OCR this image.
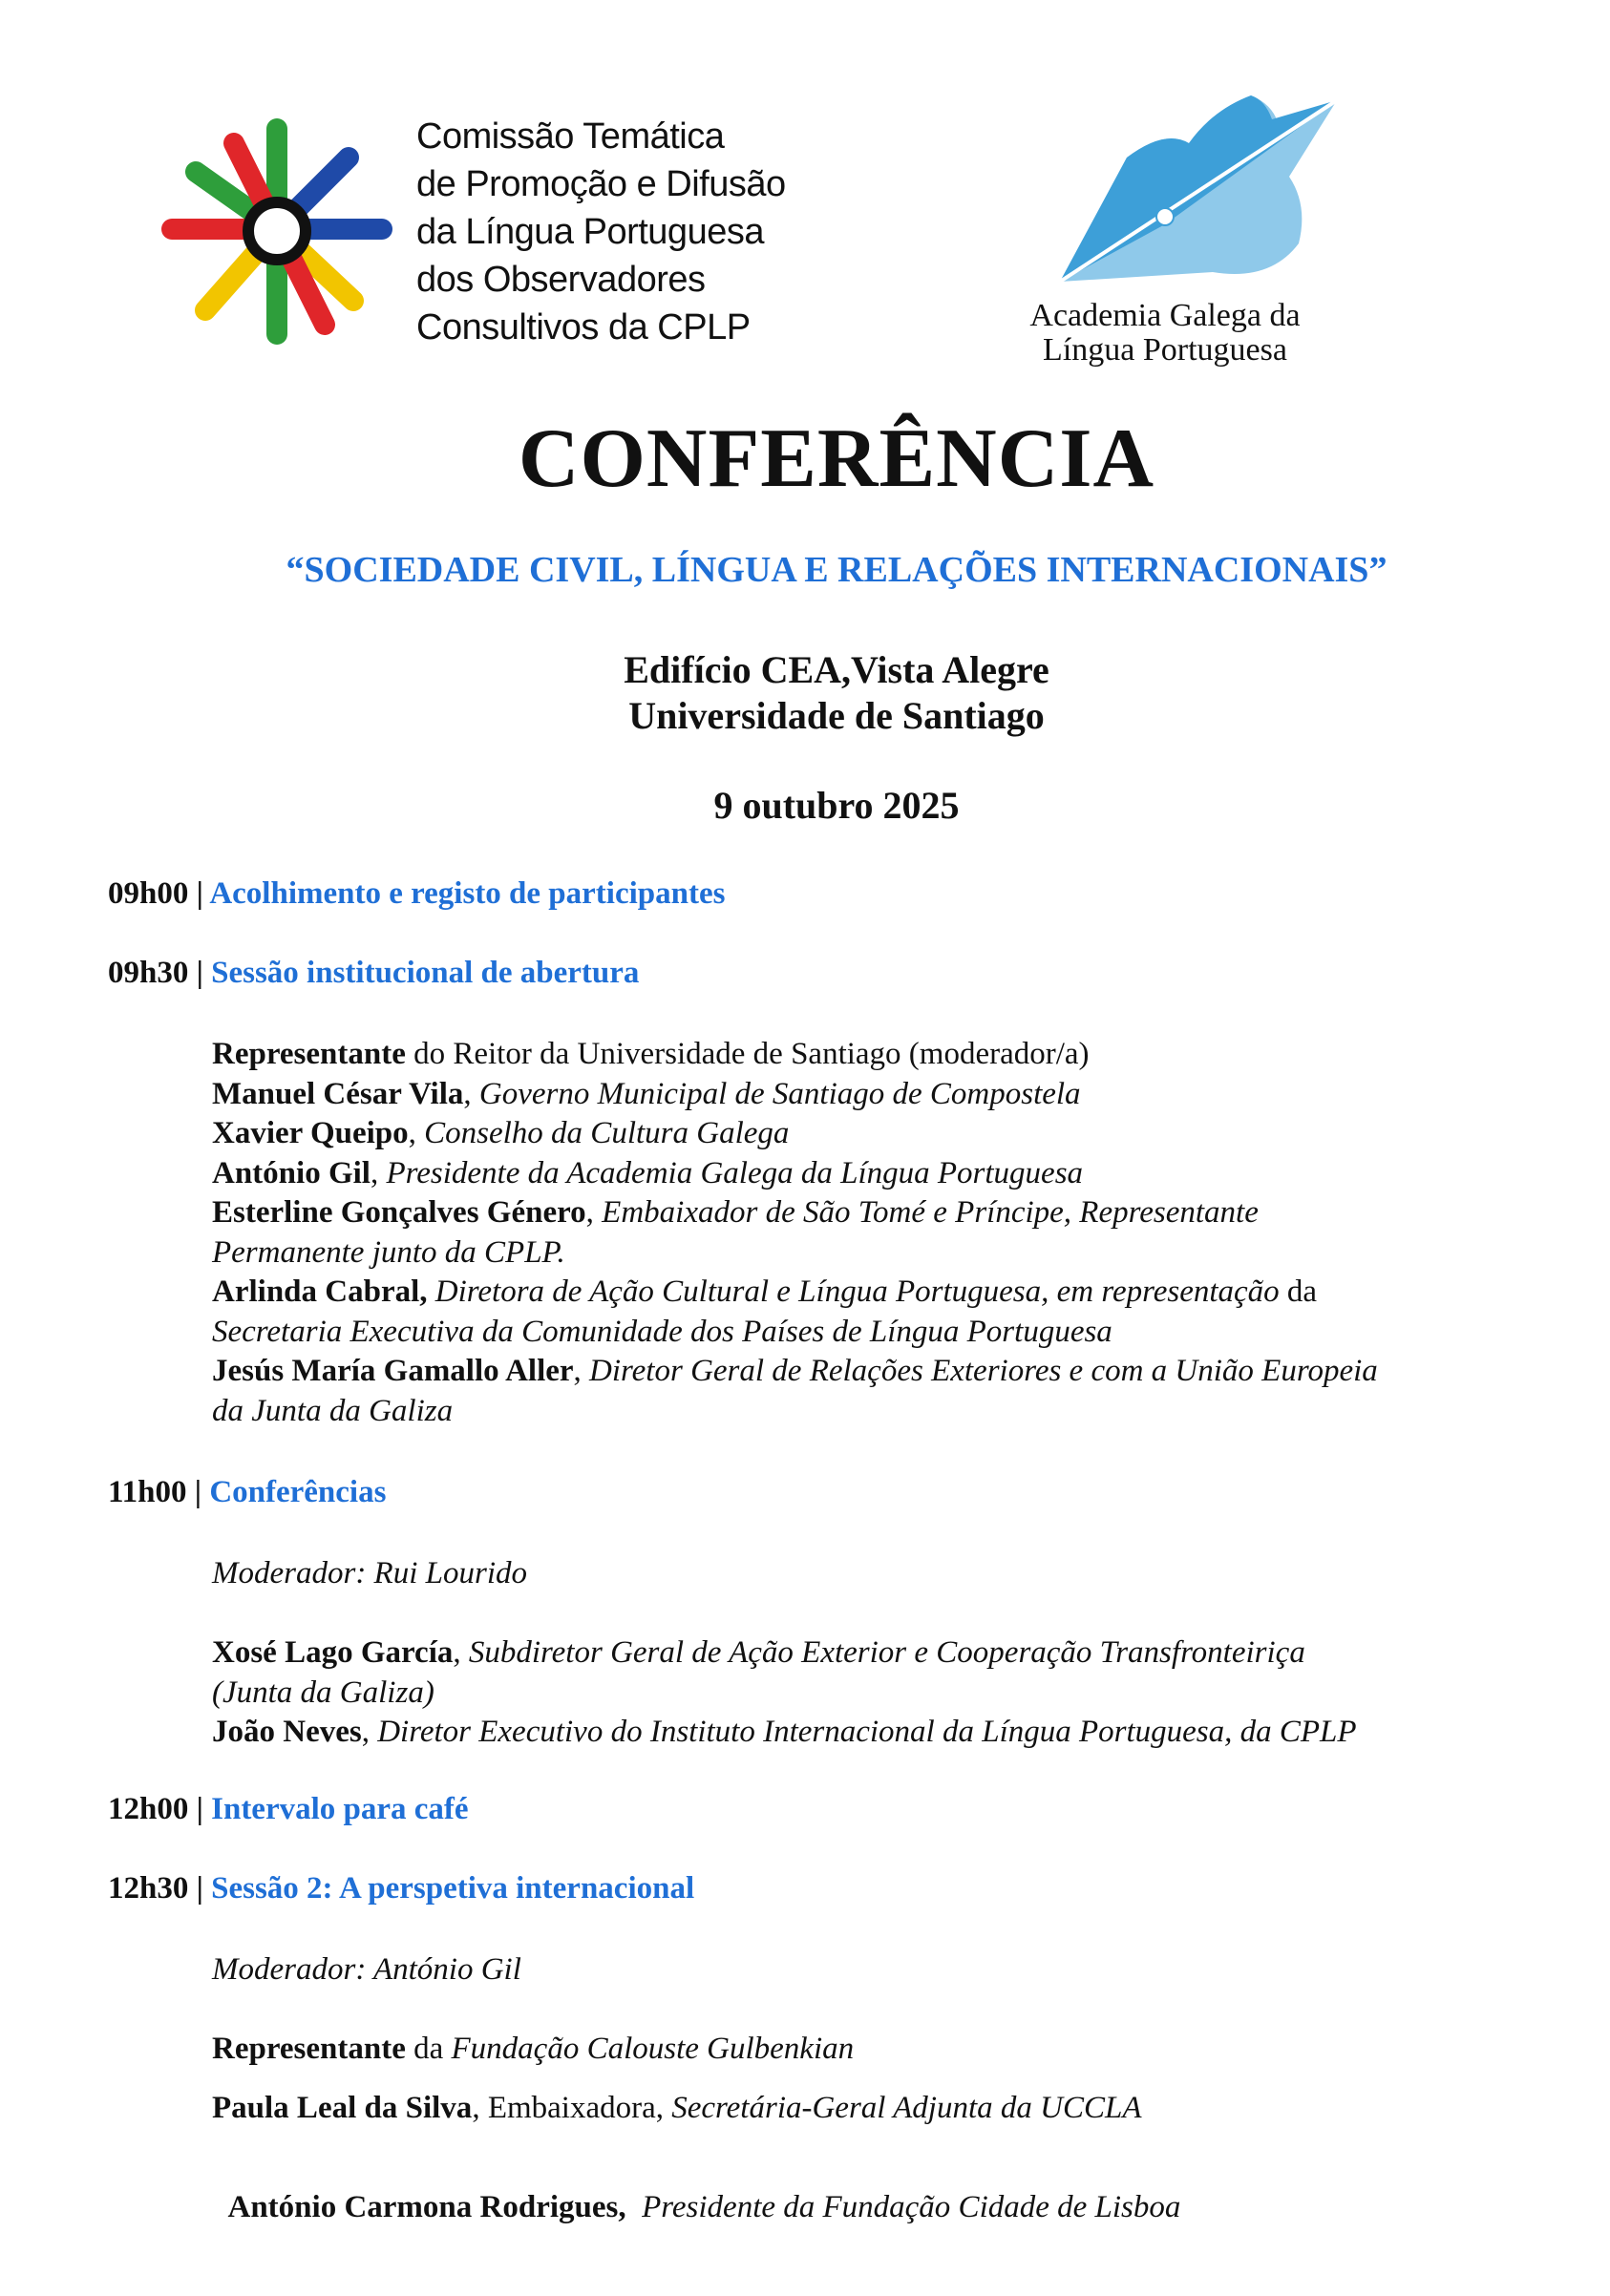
Comissão Temática
de Promoção e Difusão
da Língua Portuguesa
dos Observadores
Consultivos da CPLP	Academia Galega da
Língua Portuguesa
CONFERÊNCIA
“SOCIEDADE CIVIL, LÍNGUA E RELAÇÕES INTERNACIONAIS”
Edifício CEA,Vista Alegre
Universidade de Santiago
9 outubro 2025
09h00 | Acolhimento e registo de participantes
09h30 | Sessão institucional de abertura

Representante do Reitor da Universidade de Santiago (moderador/a)

Manuel César Vila, Governo Municipal de Santiago de Compostela

Xavier Queipo, Conselho da Cultura Galega

António Gil, Presidente da Academia Galega da Língua Portuguesa

Esterline Gonçalves Género, Embaixador de São Tomé e Príncipe, Representante
Permanente junto da CPLP.

Arlinda Cabral, Diretora de Ação Cultural e Língua Portuguesa, em representação da
Secretaria Executiva da Comunidade dos Países de Língua Portuguesa

Jesús María Gamallo Aller, Diretor Geral de Relações Exteriores e com a União Europeia
da Junta da Galiza

11h00 | Conferências
Moderador: Rui Lourido

Xosé Lago García, Subdiretor Geral de Ação Exterior e Cooperação Transfronteiriça
(Junta da Galiza)

João Neves, Diretor Executivo do Instituto Internacional da Língua Portuguesa, da CPLP

12h00 | Intervalo para café
12h30 | Sessão 2: A perspetiva internacional
Moderador: António Gil
Representante da Fundação Calouste Gulbenkian
Paula Leal da Silva, Embaixadora, Secretária-Geral Adjunta da UCCLA

António Carmona Rodrigues, Presidente da Fundação Cidade de Lisboa
